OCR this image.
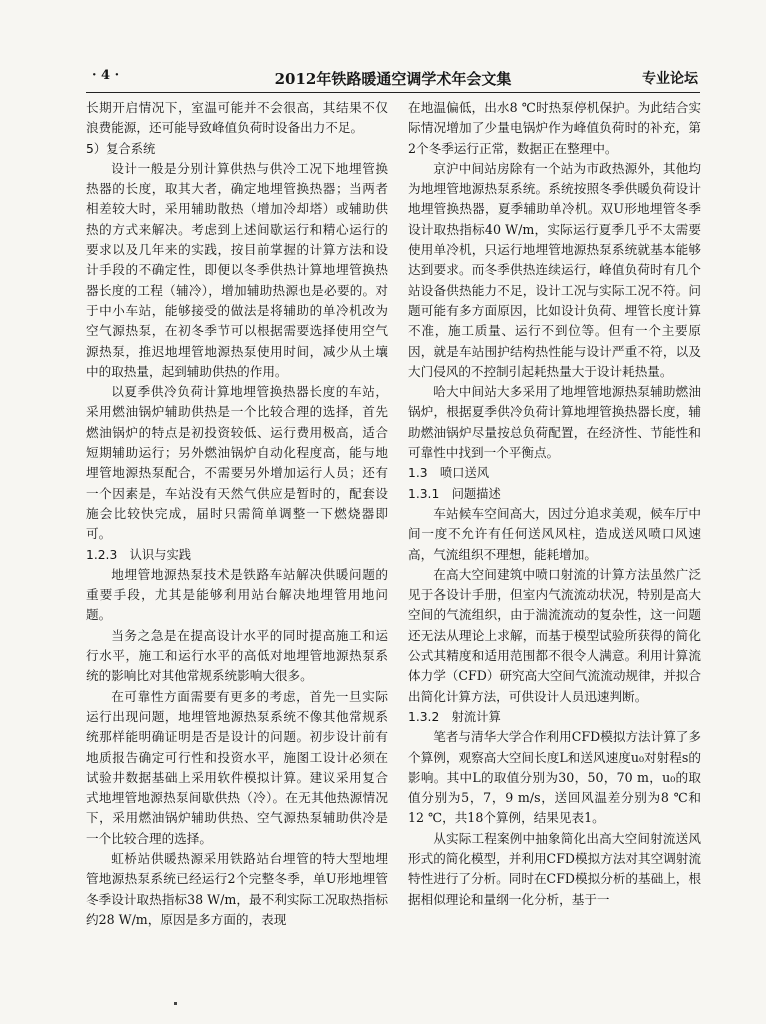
· 4 ·	2012年铁路暖通空调学术年会文集	专业论坛

长期开启情况下，室温可能并不会很高，其结果不仅浪费能源，还可能导致峰值负荷时设备出力不足。

5）复合系统

设计一般是分别计算供热与供冷工况下地埋管换热器的长度，取其大者，确定地埋管换热器；当两者相差较大时，采用辅助散热（增加冷却塔）或辅助供热的方式来解决。考虑到上述间歇运行和精心运行的要求以及几年来的实践，按目前掌握的计算方法和设计手段的不确定性，即便以冬季供热计算地埋管换热器长度的工程（辅冷），增加辅助热源也是必要的。对于中小车站，能够接受的做法是将辅助的单冷机改为空气源热泵，在初冬季节可以根据需要选择使用空气源热泵，推迟地埋管地源热泵使用时间，减少从土壤中的取热量，起到辅助供热的作用。

以夏季供冷负荷计算地埋管换热器长度的车站，采用燃油锅炉辅助供热是一个比较合理的选择，首先燃油锅炉的特点是初投资较低、运行费用极高，适合短期辅助运行；另外燃油锅炉自动化程度高，能与地埋管地源热泵配合，不需要另外增加运行人员；还有一个因素是，车站没有天然气供应是暂时的，配套设施会比较快完成，届时只需简单调整一下燃烧器即可。

1.2.3　认识与实践

地埋管地源热泵技术是铁路车站解决供暖问题的重要手段，尤其是能够利用站台解决地埋管用地问题。

当务之急是在提高设计水平的同时提高施工和运行水平，施工和运行水平的高低对地埋管地源热泵系统的影响比对其他常规系统影响大很多。

在可靠性方面需要有更多的考虑，首先一旦实际运行出现问题，地埋管地源热泵系统不像其他常规系统那样能明确证明是否是设计的问题。初步设计前有地质报告确定可行性和投资水平，施图工设计必须在试验井数据基础上采用软件模拟计算。建议采用复合式地埋管地源热泵间歇供热（冷）。在无其他热源情况下，采用燃油锅炉辅助供热、空气源热泵辅助供冷是一个比较合理的选择。

虹桥站供暖热源采用铁路站台埋管的特大型地埋管地源热泵系统已经运行2个完整冬季，单U形地埋管冬季设计取热指标38 W/m，最不利实际工况取热指标约28 W/m，原因是多方面的，表现

在地温偏低，出水8 ℃时热泵停机保护。为此结合实际情况增加了少量电锅炉作为峰值负荷时的补充，第2个冬季运行正常，数据正在整理中。

京沪中间站房除有一个站为市政热源外，其他均为地埋管地源热泵系统。系统按照冬季供暖负荷设计地埋管换热器，夏季辅助单冷机。双U形地埋管冬季设计取热指标40 W/m，实际运行夏季几乎不太需要使用单冷机，只运行地埋管地源热泵系统就基本能够达到要求。而冬季供热连续运行，峰值负荷时有几个站设备供热能力不足，设计工况与实际工况不符。问题可能有多方面原因，比如设计负荷、埋管长度计算不准，施工质量、运行不到位等。但有一个主要原因，就是车站围护结构热性能与设计严重不符，以及大门侵风的不控制引起耗热量大于设计耗热量。

哈大中间站大多采用了地埋管地源热泵辅助燃油锅炉，根据夏季供冷负荷计算地埋管换热器长度，辅助燃油锅炉尽量按总负荷配置，在经济性、节能性和可靠性中找到一个平衡点。

1.3　喷口送风
1.3.1　问题描述

车站候车空间高大，因过分追求美观，候车厅中间一度不允许有任何送风风柱，造成送风喷口风速高，气流组织不理想，能耗增加。

在高大空间建筑中喷口射流的计算方法虽然广泛见于各设计手册，但室内气流流动状况，特别是高大空间的气流组织，由于湍流流动的复杂性，这一问题还无法从理论上求解，而基于模型试验所获得的简化公式其精度和适用范围都不很令人满意。利用计算流体力学（CFD）研究高大空间气流流动规律，并拟合出简化计算方法，可供设计人员迅速判断。

1.3.2　射流计算

笔者与清华大学合作利用CFD模拟方法计算了多个算例，观察高大空间长度L和送风速度u₀对射程s的影响。其中L的取值分别为30，50，70 m，u₀的取值分别为5，7，9 m/s，送回风温差分别为8 ℃和12 ℃，共18个算例，结果见表1。

从实际工程案例中抽象简化出高大空间射流送风形式的简化模型，并利用CFD模拟方法对其空调射流特性进行了分析。同时在CFD模拟分析的基础上，根据相似理论和量纲一化分析，基于一
